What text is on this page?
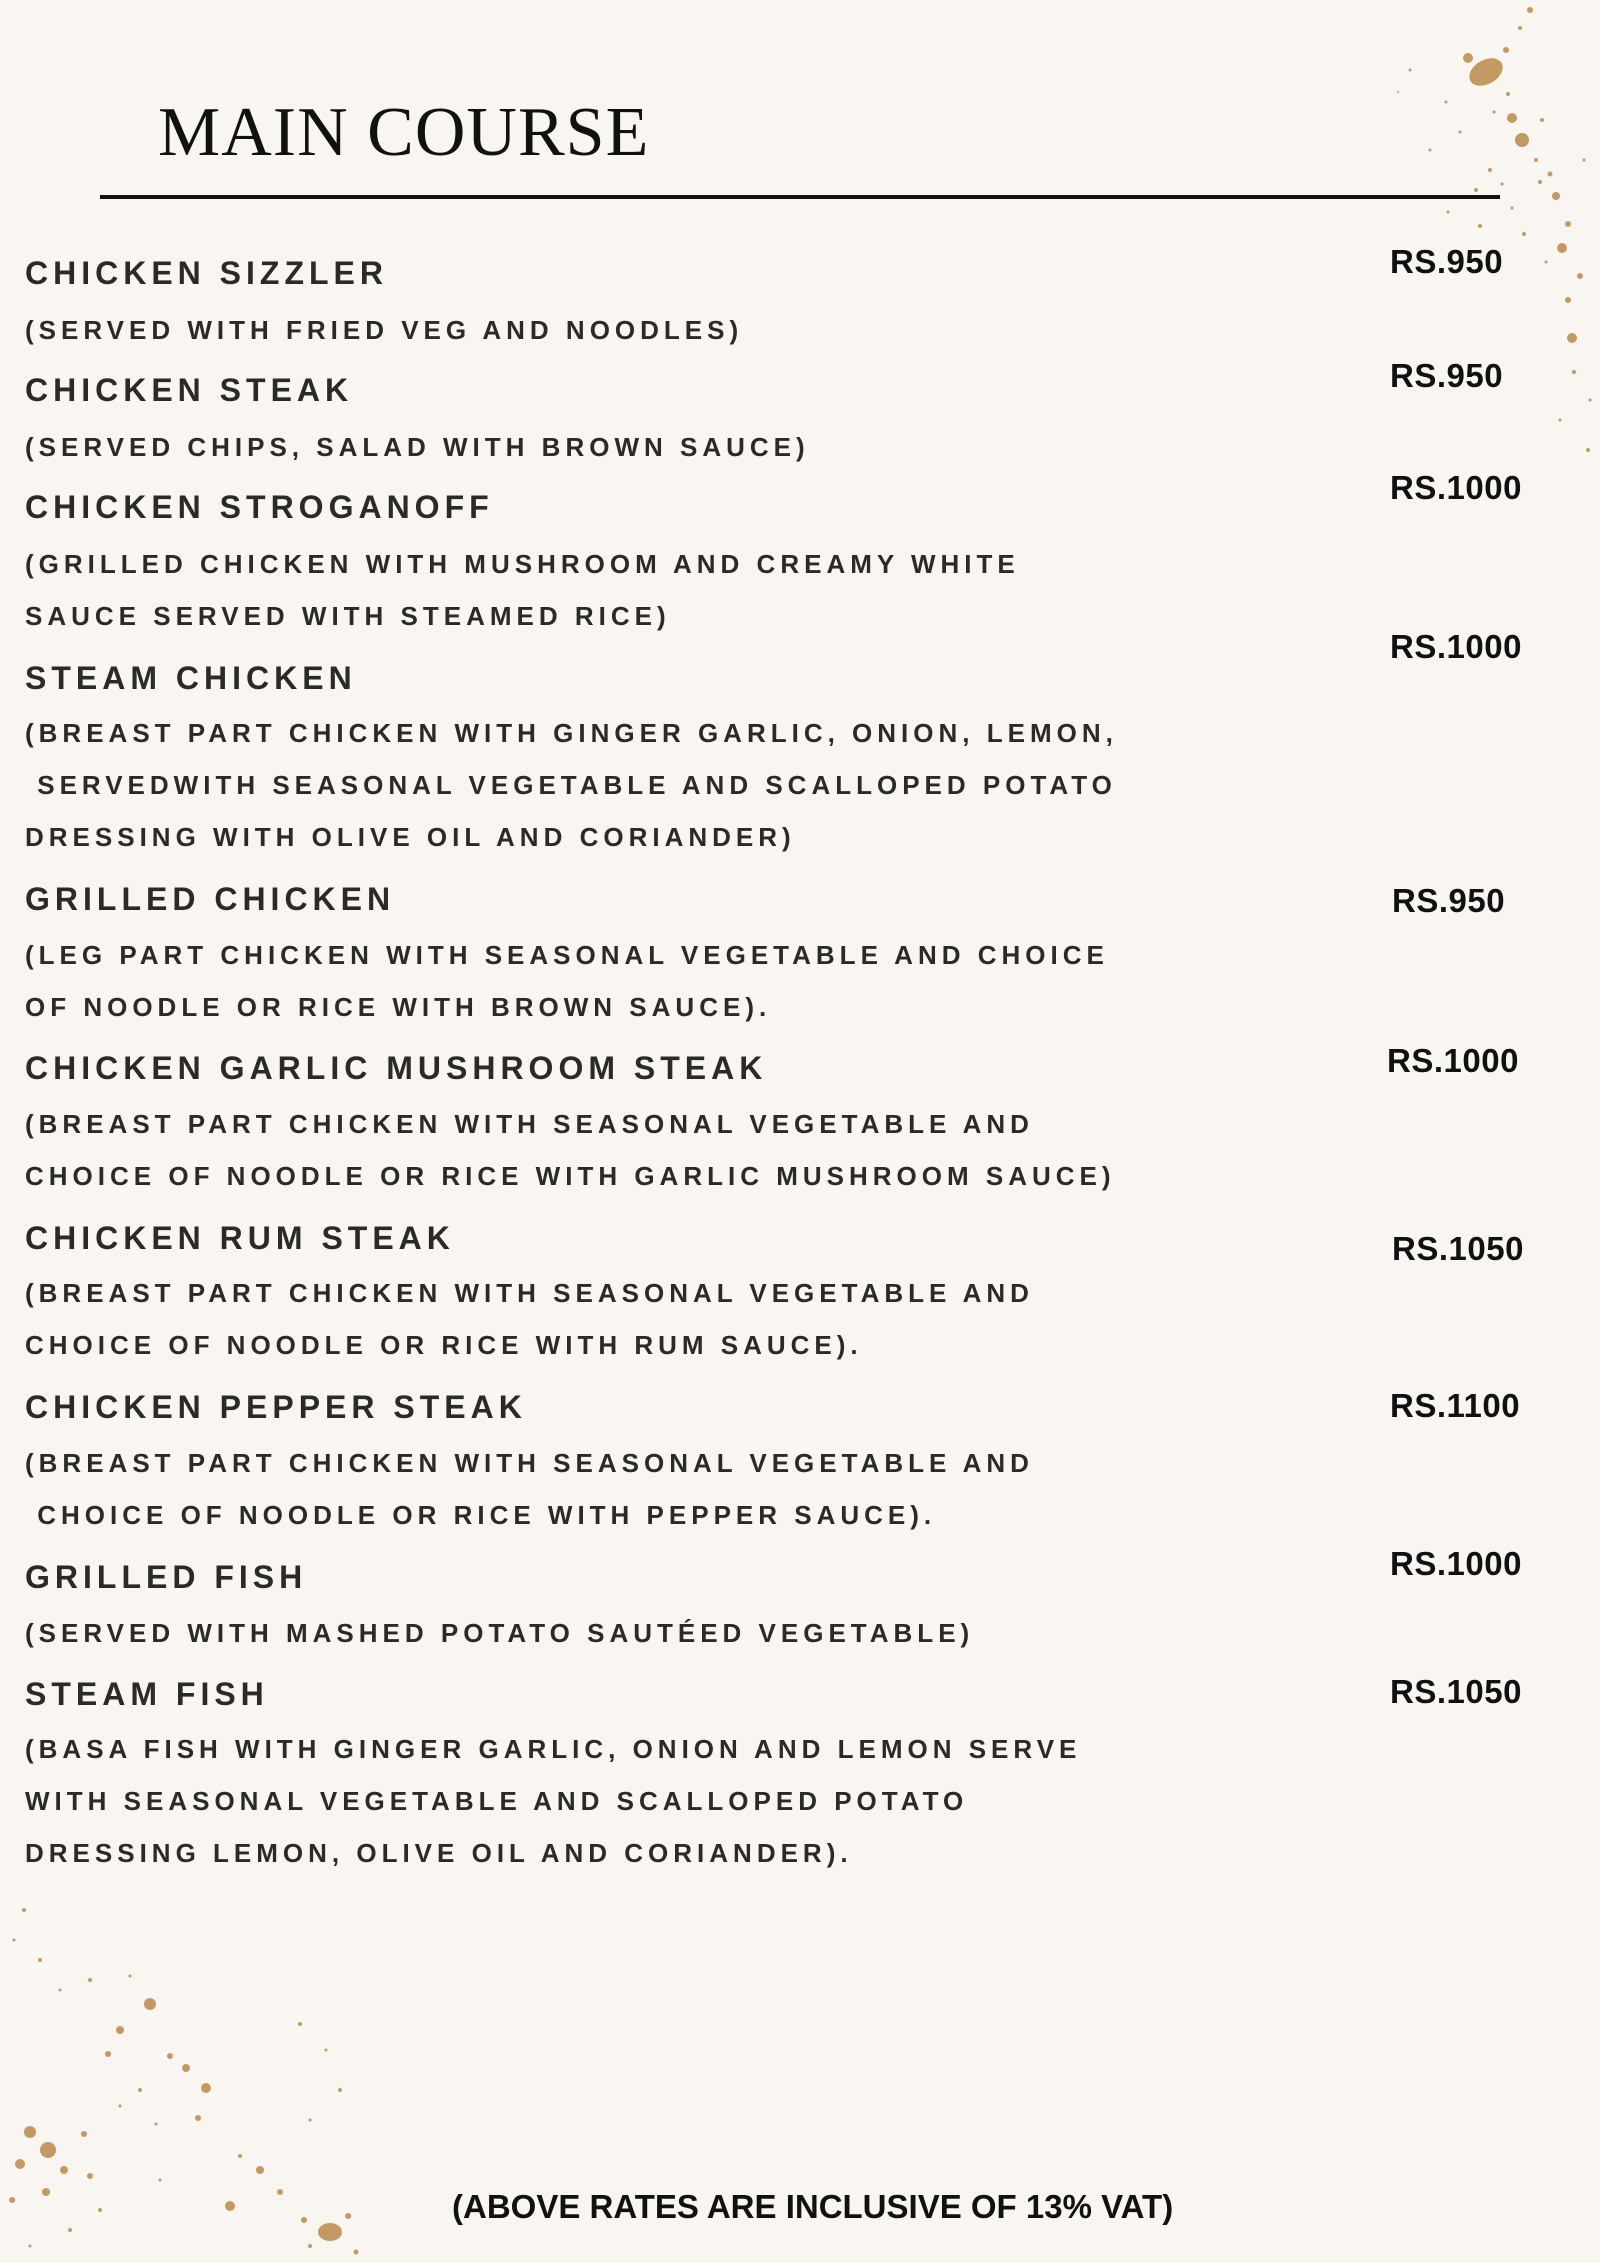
MAIN COURSE
CHICKEN SIZZLER
(SERVED WITH FRIED VEG AND NOODLES)
RS.950
CHICKEN STEAK
(SERVED CHIPS, SALAD WITH BROWN SAUCE)
RS.950
CHICKEN STROGANOFF
(GRILLED CHICKEN WITH MUSHROOM AND CREAMY WHITE
SAUCE SERVED WITH STEAMED RICE)
RS.1000
STEAM CHICKEN
(BREAST PART CHICKEN WITH GINGER GARLIC, ONION, LEMON,
SERVEDWITH SEASONAL VEGETABLE AND SCALLOPED POTATO
DRESSING WITH OLIVE OIL AND CORIANDER)
RS.1000
GRILLED CHICKEN
(LEG PART CHICKEN WITH SEASONAL VEGETABLE AND CHOICE
OF NOODLE OR RICE WITH BROWN SAUCE).
RS.950
CHICKEN GARLIC MUSHROOM STEAK
(BREAST PART CHICKEN WITH SEASONAL VEGETABLE AND
CHOICE OF NOODLE OR RICE WITH GARLIC MUSHROOM SAUCE)
RS.1000
CHICKEN RUM STEAK
(BREAST PART CHICKEN WITH SEASONAL VEGETABLE AND
CHOICE OF NOODLE OR RICE WITH RUM SAUCE).
RS.1050
CHICKEN PEPPER STEAK
(BREAST PART CHICKEN WITH SEASONAL VEGETABLE AND
CHOICE OF NOODLE OR RICE WITH PEPPER SAUCE).
RS.1100
GRILLED FISH
(SERVED WITH MASHED POTATO SAUTÉED VEGETABLE)
RS.1000
STEAM FISH
(BASA FISH WITH GINGER GARLIC, ONION AND LEMON SERVE
WITH SEASONAL VEGETABLE AND SCALLOPED POTATO
DRESSING LEMON, OLIVE OIL AND CORIANDER).
RS.1050
(ABOVE RATES ARE INCLUSIVE OF 13% VAT)
